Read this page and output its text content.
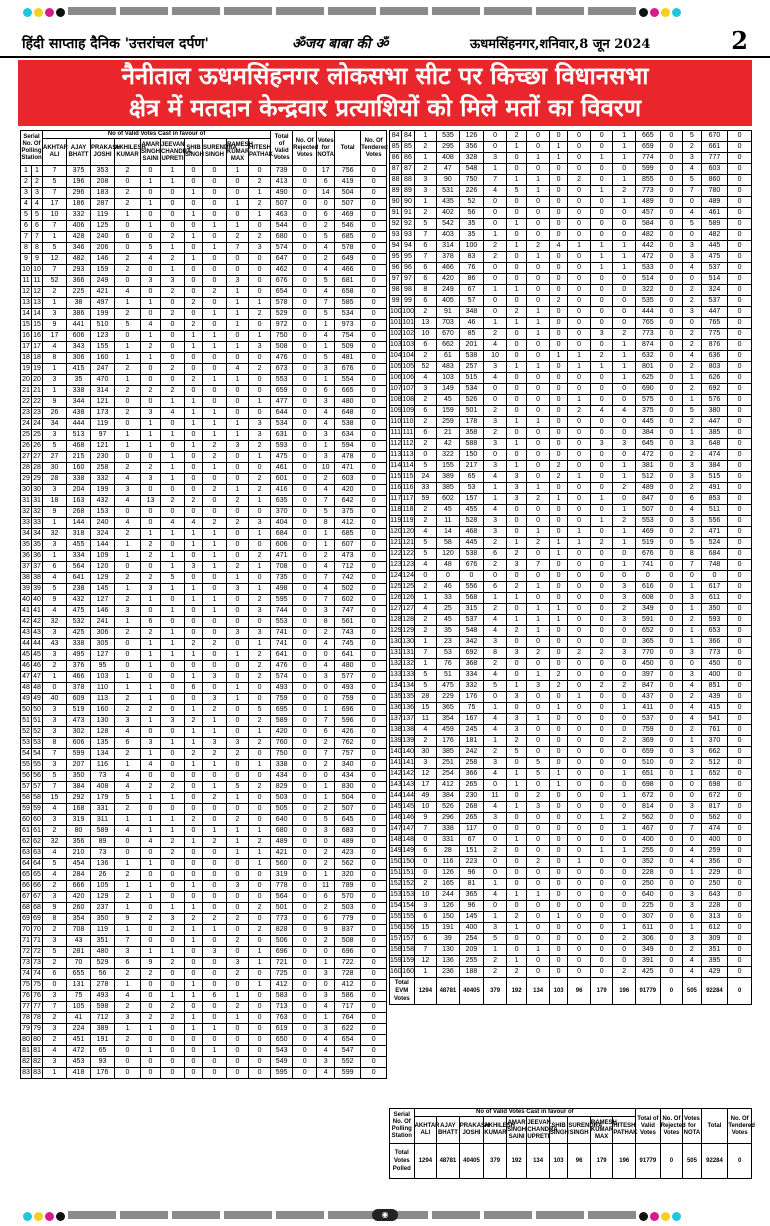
हिंदी साप्ताह दैनिक 'उत्तरांचल दर्पण'	ॐजय बाबा की ॐ	ऊधमसिंहनगर,शनिवार,8 जून 2024	2
नैनीताल ऊधमसिंहनगर लोकसभा सीट पर किच्छा विधानसभा
क्षेत्र में मतदान केन्द्रवार प्रत्याशियों को मिले मतों का विवरण
Serial No. Of Polling Station		No of Valid Votes Cast in favour of										Total of Valid Votes	No. Of Rejected Votes	Votes for NOTA	Total	No. Of Tendered Votes
		AKHTAR ALI	AJAY BHATT	PRAKASH JOSHI	AKHILESH KUMAR	AMAR SINGH SAINI	JEEVAN CHANDRA UPRETI	SHIB SINGH	SURENDRA SINGH	RAMESH KUMAR MAX	HITESH PATHAK					
1	1	7	375	353	2	0	1	0	0	1	0	739	0	17	756	0
2	2	5	196	208	0	1	1	0	0	0	2	413	0	6	419	0
3	3	7	296	183	2	0	0	1	0	0	1	490	0	14	504	0
4	4	17	186	287	2	1	0	0	0	1	2	507	0	0	507	0
5	5	10	332	119	1	0	0	1	0	0	1	463	0	6	469	0
6	6	7	406	125	0	1	0	0	1	1	0	544	0	2	546	0
7	7	1	428	240	6	0	2	1	0	2	2	680	0	5	685	0
8	8	5	346	206	0	5	1	0	1	7	3	574	0	4	578	0
9	9	12	482	146	2	4	2	1	0	0	0	647	0	2	649	0
10	10	7	293	159	2	0	1	0	0	0	0	462	0	4	466	0
11	11	52	366	249	0	3	3	0	0	3	0	676	0	5	681	0
12	12	2	225	421	4	0	2	0	2	1	0	654	0	4	658	0
13	13	1	38	497	1	1	0	2	0	1	1	578	0	7	585	0
14	14	3	386	199	2	0	2	0	1	1	2	529	0	5	534	0
15	15	9	441	510	5	4	0	2	0	1	0	972	0	1	973	0
16	16	17	606	123	0	1	0	1	1	0	1	750	0	4	754	0
17	17	4	343	155	1	2	0	1	1	1	3	508	0	1	509	0
18	18	8	306	160	1	1	0	0	0	0	0	476	0	5	481	0
19	19	1	415	247	2	0	2	0	0	4	2	673	0	3	676	0
20	20	3	35	470	1	0	0	2	1	1	0	553	0	1	554	0
21	21	1	338	314	2	2	2	0	0	0	0	659	0	6	665	0
22	22	9	344	121	0	0	1	1	0	0	1	477	0	3	480	0
23	23	26	438	173	2	3	4	1	1	0	0	644	0	4	648	0
24	24	34	444	119	0	1	0	1	1	1	3	534	0	4	538	0
25	25	3	513	97	1	1	1	0	1	1	3	631	0	3	634	0
26	26	5	468	121	1	1	0	1	2	3	2	593	0	1	594	0
27	27	27	215	230	0	0	1	0	2	0	1	475	0	3	478	0
28	28	30	160	258	2	2	1	0	1	0	0	461	0	10	471	0
29	29	28	338	332	4	3	1	0	0	0	2	601	0	2	603	0
30	30	3	204	199	3	0	0	0	2	1	2	416	0	4	420	0
31	31	18	163	432	4	13	2	2	0	2	1	635	0	7	642	0
32	32	9	268	153	0	0	0	0	0	0	0	370	0	5	375	0
33	33	1	144	240	4	0	4	4	2	2	3	404	0	8	412	0
34	34	32	318	324	2	1	1	1	1	0	1	684	0	1	685	0
35	35	3	455	144	1	2	0	1	1	0	0	606	0	1	607	0
36	36	1	334	109	1	2	1	0	1	0	2	471	0	2	473	0
37	37	6	564	120	0	0	1	3	1	2	1	708	0	4	712	0
38	38	4	641	129	2	2	5	0	0	1	0	735	0	7	742	0
39	39	5	238	145	1	3	1	1	0	3	1	498	0	4	502	0
40	40	9	432	127	2	1	0	1	1	0	2	595	0	7	602	0
41	41	4	475	146	3	0	1	0	1	0	3	744	0	3	747	0
42	42	32	532	241	1	6	0	0	0	0	0	553	0	8	561	0
43	43	3	425	306	2	2	1	0	0	3	3	741	0	2	743	0
44	44	43	338	305	0	1	1	2	2	0	1	741	0	4	745	0
45	45	3	495	127	0	1	1	1	0	1	2	641	0	0	641	0
46	46	2	376	95	0	1	0	0	0	0	2	476	0	4	480	0
47	47	1	466	103	1	0	0	1	3	0	2	574	0	3	577	0
48	48	0	378	110	1	1	0	6	0	1	0	493	0	0	493	0
49	49	40	609	113	2	1	0	0	3	1	0	759	0	0	759	0
50	50	3	519	160	2	2	0	1	2	0	5	695	0	1	696	0
51	51	3	473	130	3	1	3	2	1	0	2	589	0	7	596	0
52	52	3	302	128	4	0	0	1	1	0	1	420	0	6	426	0
53	53	8	606	135	6	3	1	1	3	3	2	760	0	2	762	0
54	54	7	599	134	2	1	0	2	2	2	0	750	0	7	757	0
55	55	3	207	116	1	4	0	1	1	0	1	338	0	2	340	0
56	56	5	350	73	4	0	0	0	0	0	0	434	0	0	434	0
57	57	7	384	408	4	2	2	0	1	5	2	829	0	1	830	0
58	58	15	292	179	5	1	1	0	2	1	0	503	0	1	504	0
59	59	4	168	331	2	0	0	0	0	0	0	505	0	2	507	0
60	60	3	319	311	1	1	1	2	0	2	0	640	0	5	645	0
61	61	2	80	589	4	1	1	0	1	1	1	680	0	3	683	0
62	62	32	356	89	0	4	2	1	2	1	2	489	0	0	489	0
63	63	4	210	73	0	0	2	0	0	1	1	421	0	2	423	0
64	64	5	454	136	1	1	0	0	0	0	1	560	0	2	562	0
65	65	4	284	26	2	0	0	0	0	0	0	319	0	1	320	0
66	66	2	666	105	1	1	0	1	0	3	0	778	0	11	789	0
67	67	3	420	129	2	1	0	0	0	0	0	564	0	6	570	0
68	68	9	260	237	1	0	1	1	0	0	2	501	0	2	503	0
69	69	8	354	350	9	2	3	2	2	2	0	773	0	6	779	0
70	70	2	708	119	1	0	2	1	1	0	2	828	0	9	837	0
71	71	3	43	351	7	0	0	1	0	2	0	506	0	2	508	0
72	72	5	281	480	3	1	1	0	3	0	1	696	0	0	696	0
73	73	2	70	529	6	9	2	0	0	3	1	721	0	1	722	0
74	74	6	655	56	2	2	0	0	0	2	0	725	0	3	728	0
75	75	0	131	278	1	0	0	1	0	0	1	412	0	0	412	0
76	76	3	75	493	4	0	1	1	6	1	0	583	0	3	586	0
77	77	7	105	598	2	0	2	0	0	2	0	713	0	4	717	0
78	78	2	41	712	3	2	2	1	0	1	0	763	0	1	764	0
79	79	3	224	389	1	1	0	1	1	0	0	619	0	3	622	0
80	80	2	451	191	2	0	0	0	0	0	0	650	0	4	654	0
81	81	4	472	65	0	1	0	0	1	0	0	543	0	4	547	0
82	82	3	453	93	0	0	0	0	0	0	0	549	0	3	552	0
83	83	1	418	176	0	0	0	0	0	0	0	595	0	4	599	0
84	84	1	535	126	0	2	0	0	0	0	1	665	0	5	670	0
85	85	2	295	356	0	1	0	1	0	0	1	659	0	2	661	0
86	86	1	408	328	3	0	1	1	0	1	1	774	0	3	777	0
87	87	2	47	548	1	0	0	0	0	0	0	599	0	4	603	0
88	88	3	90	750	7	1	1	0	2	0	1	855	0	5	860	0
89	89	3	531	226	4	5	1	0	0	1	2	773	0	7	780	0
90	90	1	435	52	0	0	0	0	0	0	1	489	0	0	489	0
91	91	2	402	56	0	0	0	0	0	0	0	457	0	4	461	0
92	92	5	542	35	0	1	0	0	0	0	0	584	0	5	589	0
93	93	7	403	35	1	0	0	0	0	0	0	482	0	0	482	0
94	94	6	314	100	2	1	2	4	1	1	1	442	0	3	445	0
95	95	7	378	83	2	0	1	0	0	1	1	472	0	3	475	0
96	96	6	466	76	0	0	0	0	0	1	1	533	0	4	537	0
97	97	6	420	86	0	0	0	0	0	0	0	514	0	0	514	0
98	98	8	249	67	1	1	0	0	0	0	0	322	0	2	324	0
99	99	6	405	57	0	0	0	2	0	0	0	535	0	2	537	0
100	100	2	91	348	0	2	1	0	0	0	0	444	0	3	447	0
101	101	13	703	46	1	1	1	0	0	0	0	765	0	0	765	0
102	102	10	670	85	2	0	1	0	0	3	2	773	0	2	775	0
103	103	6	662	201	4	0	0	0	0	0	1	874	0	2	876	0
104	104	2	61	538	10	0	0	1	1	2	1	632	0	4	636	0
105	105	52	483	257	3	1	1	0	1	1	1	801	0	2	803	0
106	106	4	103	515	4	0	0	0	0	0	1	625	0	1	626	0
107	107	3	149	534	0	0	0	0	0	0	0	690	0	2	692	0
108	108	2	45	526	0	0	0	0	1	0	0	575	0	1	576	0
109	109	6	159	501	2	0	0	0	2	4	4	375	0	5	380	0
110	110	2	259	178	3	1	1	0	0	0	0	445	0	2	447	0
111	111	6	21	358	2	0	0	0	0	0	0	384	0	1	385	0
112	112	2	42	588	3	1	0	0	0	3	3	645	0	3	648	0
113	113	0	322	150	0	0	0	0	0	0	0	472	0	2	474	0
114	114	5	155	217	3	1	0	2	0	0	1	381	0	3	384	0
115	115	24	389	65	4	3	0	2	1	0	1	512	0	3	515	0
116	116	33	385	53	1	3	1	0	0	0	2	489	0	2	491	0
117	117	59	602	157	1	3	2	1	0	1	0	847	0	6	853	0
118	118	2	45	455	4	0	0	0	0	0	1	507	0	4	511	0
119	119	2	11	528	3	0	0	0	0	1	2	553	0	3	556	0
120	120	4	14	468	3	0	1	0	1	0	1	469	0	2	471	0
121	121	5	58	445	2	1	2	1	1	2	1	519	0	5	524	0
122	122	5	120	538	6	2	0	1	0	0	0	676	0	8	684	0
123	123	4	48	676	2	3	7	0	0	0	1	741	0	7	748	0
124	124	0	0	0	0	0	0	0	0	0	0	0	0	0	0	0
125	125	2	46	556	6	2	1	0	0	0	3	616	0	1	617	0
126	126	1	33	568	1	1	0	0	0	0	3	608	0	3	611	0
127	127	4	25	315	2	0	1	1	0	0	2	349	0	1	350	0
128	128	2	45	537	4	1	1	1	0	0	3	591	0	2	593	0
129	129	2	35	548	4	2	1	0	0	0	0	652	0	1	653	0
130	130	1	23	342	3	0	0	0	0	0	0	365	0	1	366	0
131	131	7	53	692	8	3	2	0	2	2	3	770	0	3	773	0
132	132	1	76	368	2	0	0	0	0	0	0	450	0	0	450	0
133	133	5	51	334	4	0	1	2	0	0	0	397	0	3	400	0
134	134	5	475	332	5	1	3	2	0	2	2	847	0	4	851	0
135	135	28	229	176	0	3	0	0	1	0	0	437	0	2	439	0
136	136	15	365	75	1	0	0	1	0	0	1	411	0	4	415	0
137	137	11	354	167	4	3	1	0	0	0	0	537	0	4	541	0
138	138	4	459	245	4	3	0	0	0	0	0	759	0	2	761	0
139	139	2	176	181	1	2	0	0	0	0	2	369	0	1	370	0
140	140	30	385	242	2	5	0	0	0	0	0	659	0	3	662	0
141	141	3	251	258	3	0	5	0	0	0	0	510	0	2	512	0
142	142	12	254	366	4	1	5	1	0	0	1	651	0	1	652	0
143	143	17	412	265	0	1	0	1	0	0	0	698	0	0	698	0
144	144	49	384	230	11	0	2	0	0	0	1	672	0	0	672	0
145	145	10	526	268	4	1	3	0	0	0	0	814	0	3	817	0
146	146	9	296	265	3	0	0	0	0	1	2	562	0	0	562	0
147	147	7	338	117	0	0	0	0	0	0	1	467	0	7	474	0
148	148	0	331	67	0	1	0	0	0	0	0	400	0	0	400	0
149	149	6	28	151	2	0	0	0	0	1	1	255	0	4	259	0
150	150	0	116	223	0	0	2	0	1	0	0	352	0	4	356	0
151	151	0	126	96	0	0	0	0	0	0	0	228	0	1	229	0
152	152	2	165	81	1	0	0	0	0	0	0	250	0	0	250	0
153	153	10	244	365	4	1	1	0	0	0	0	640	0	3	643	0
154	154	3	126	96	0	0	0	0	0	0	0	225	0	3	228	0
155	155	6	150	145	1	2	0	1	0	0	0	307	0	6	313	0
156	156	15	191	400	3	1	0	0	0	0	1	611	0	1	612	0
157	157	6	39	254	5	0	0	0	0	0	2	306	0	3	309	0
158	158	7	130	209	1	0	1	0	0	0	0	349	0	2	351	0
159	159	12	136	255	2	1	0	0	0	0	0	391	0	4	395	0
160	160	1	236	188	2	2	0	0	0	0	2	425	0	4	429	0
Total EVM Votes		1294	48781	40405	379	192	134	103	96	179	196	91779	0	505	92284	0
Serial No. Of Polling Station	No of Valid Votes Cast in favour of										Total of Valid Votes	No. Of Rejected Votes	Votes for NOTA	Total	No. Of Tendered Votes
	AKHTAR ALI	AJAY BHATT	PRAKASH JOSHI	AKHILESH KUMAR	AMAR SINGH SAINI	JEEVAN CHANDRA UPRETI	SHIB SINGH	SURENDRA SINGH	RAMESH KUMAR MAX	HITESH PATHAK					
Total Votes Polled	1294	48781	40405	379	192	134	103	96	179	196	91779	0	505	92284	0
◉
